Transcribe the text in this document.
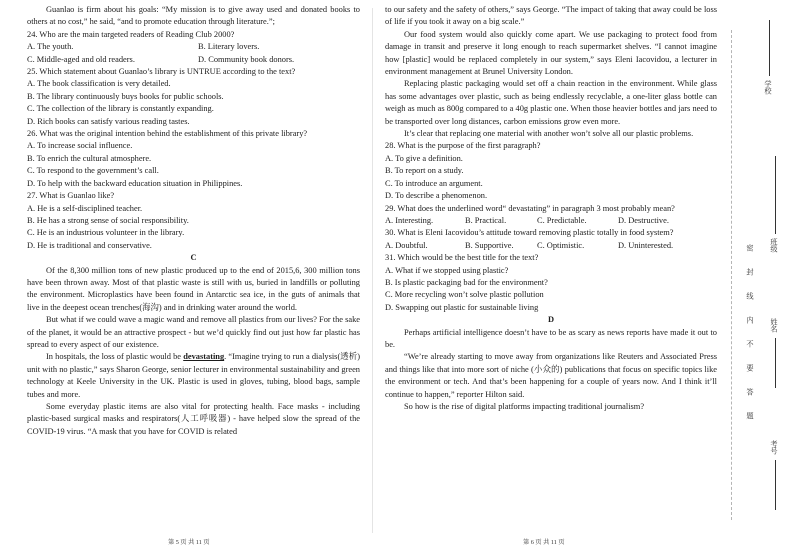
Guanlao is firm about his goals: “My mission is to give away used and donated books to others at no cost,” he said, “and to promote education through literature.”;

24. Who are the main targeted readers of Reading Club 2000?

A. The youth.	B. Literary lovers.

C. Middle-aged and old readers.	D. Community book donors.

25. Which statement about Guanlao’s library is UNTRUE according to the text?

A. The book classification is very detailed.

B. The library continuously buys books for public schools.

C. The collection of the library is constantly expanding.

D. Rich books can satisfy various reading tastes.

26. What was the original intention behind the establishment of this private library?

A. To increase social influence.

B. To enrich the cultural atmosphere.

C. To respond to the government’s call.

D. To help with the backward education situation in Philippines.

27. What is Guanlao like?

A. He is a self-disciplined teacher.

B. He has a strong sense of social responsibility.

C. He is an industrious volunteer in the library.

D. He is traditional and conservative.

C

Of the 8,300 million tons of new plastic produced up to the end of 2015,6, 300 million tons have been thrown away. Most of that plastic waste is still with us, buried in landfills or polluting the environment. Microplastics have been found in Antarctic sea ice, in the guts of animals that live in the deepest ocean trenches(海沟) and in drinking water around the world.

But what if we could wave a magic wand and remove all plastics from our lives? For the sake of the planet, it would be an attractive prospect - but we’d quickly find out just how far plastic has spread to every aspect of our existence.

In hospitals, the loss of plastic would be devastating. “Imagine trying to run a dialysis(透析) unit with no plastic,” says Sharon George, senior lecturer in environmental sustainability and green technology at Keele University in the UK. Plastic is used in gloves, tubing, blood bags, sample tubes and more.

Some everyday plastic items are also vital for protecting health. Face masks - including plastic-based surgical masks and respirators(人工呼吸器) - have helped slow the spread of the COVID-19 virus. “A mask that you have for COVID is related

to our safety and the safety of others,” says George. “The impact of taking that away could be loss of life if you took it away on a big scale.”

Our food system would also quickly come apart. We use packaging to protect food from damage in transit and preserve it long enough to reach supermarket shelves. “I cannot imagine how [plastic] would be replaced completely in our system,” says Eleni Iacovidou, a lecturer in environment management at Brunel University London.

Replacing plastic packaging would set off a chain reaction in the environment. While glass has some advantages over plastic, such as being endlessly recyclable, a one-liter glass bottle can weigh as much as 800g compared to a 40g plastic one. When those heavier bottles and jars need to be transported over long distances, carbon emissions grow even more.

It’s clear that replacing one material with another won’t solve all our plastic problems.

28. What is the purpose of the first paragraph?

A. To give a definition.

B. To report on a study.

C. To introduce an argument.

D. To describe a phenomenon.

29. What does the underlined word“ devastating” in paragraph 3 most probably mean?

A. Interesting.	B. Practical.	C. Predictable.	D. Destructive.

30. What is Eleni Iacovidou’s attitude toward removing plastic totally in food system?

A. Doubtful.	B. Supportive.	C. Optimistic.	D. Uninterested.

31. Which would be the best title for the text?

A. What if we stopped using plastic?

B. Is plastic packaging bad for the environment?

C. More recycling won’t solve plastic pollution

D. Swapping out plastic for sustainable living

D

Perhaps artificial intelligence doesn’t have to be as scary as news reports have made it out to be.

“We’re already starting to move away from organizations like Reuters and Associated Press and things like that into more sort of niche (小众的) publications that focus on specific topics like the environment or tech. And that’s been happening for a couple of years now. And I think it’ll continue to happen,” reporter Hilton said.

So how is the rise of digital platforms impacting traditional journalism?

第 5 页 共 11 页	第 6 页 共 11 页
学校
班级
姓名
考号
密
封
线
内
不
要
答
题
